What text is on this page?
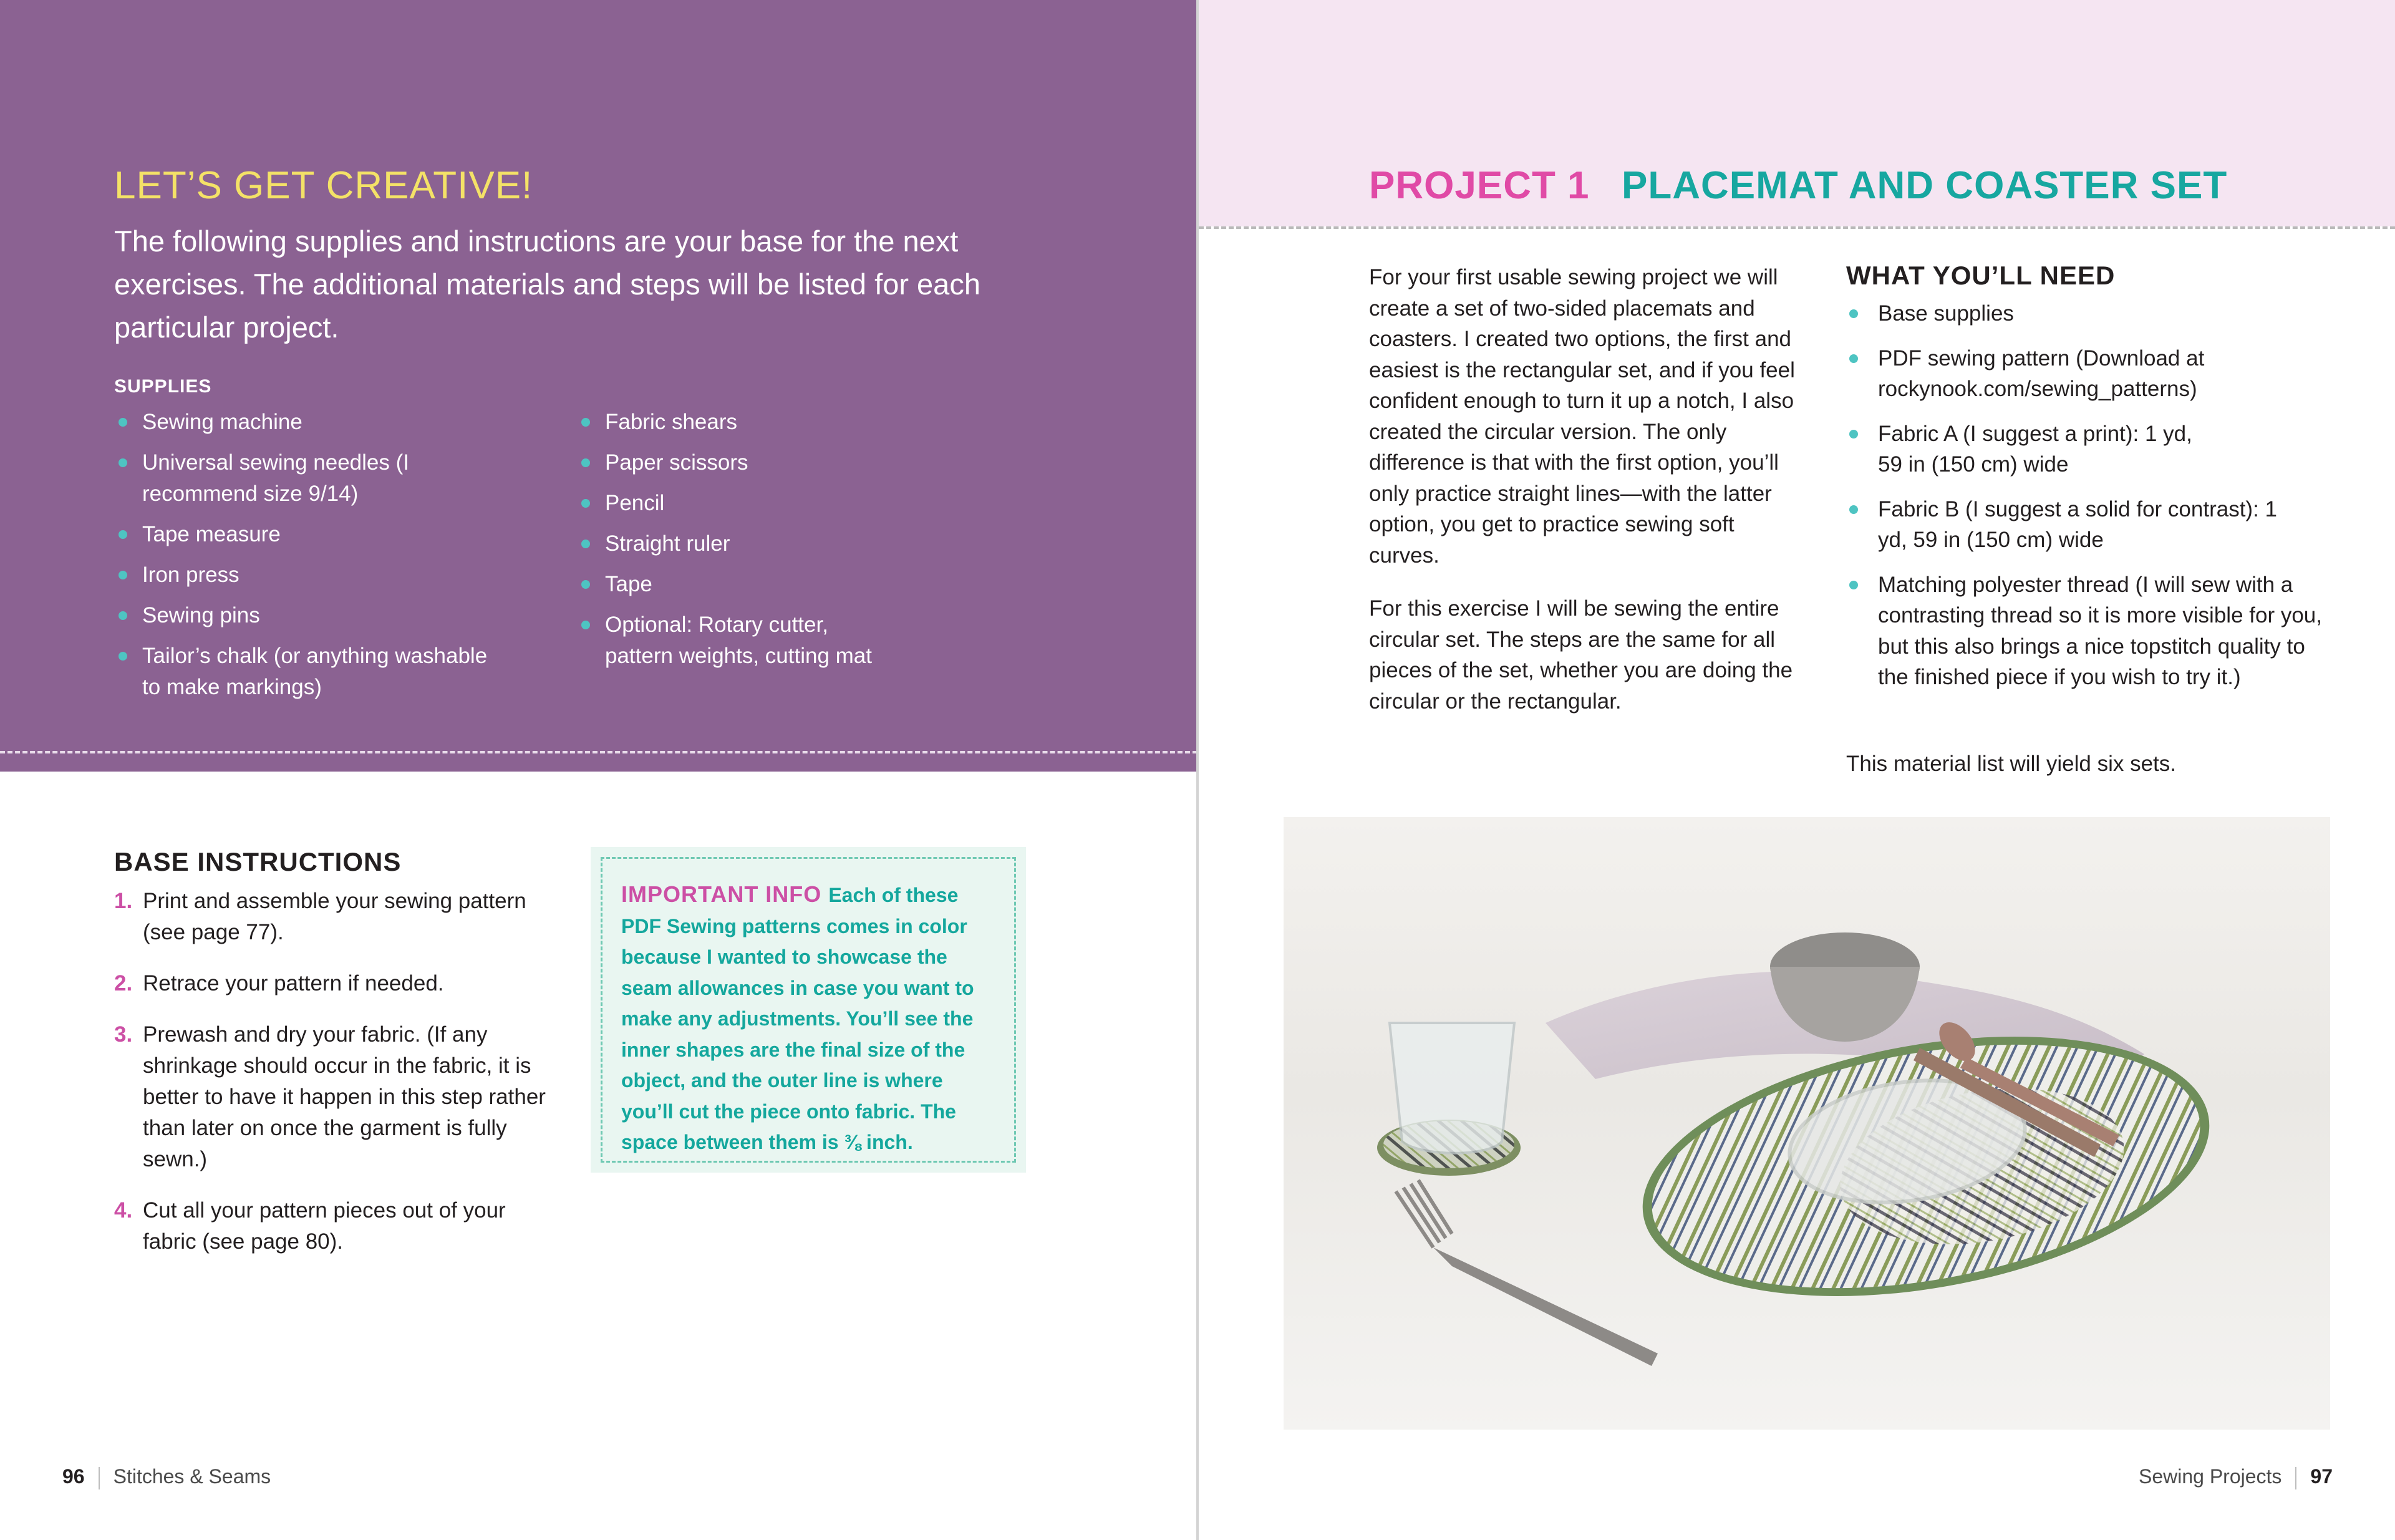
LET’S GET CREATIVE!

The following supplies and instructions are your base for the next exercises. The additional materials and steps will be listed for each particular project.

SUPPLIES
Sewing machine
Universal sewing needles (I recommend size 9/14)
Tape measure
Iron press
Sewing pins
Tailor’s chalk (or anything washable to make markings)
Fabric shears
Paper scissors
Pencil
Straight ruler
Tape
Optional: Rotary cutter, pattern weights, cutting mat
BASE INSTRUCTIONS
1. Print and assemble your sewing pattern (see page 77).
2. Retrace your pattern if needed.
3. Prewash and dry your fabric. (If any shrinkage should occur in the fabric, it is better to have it happen in this step rather than later on once the garment is fully sewn.)
4. Cut all your pattern pieces out of your fabric (see page 80).
IMPORTANT INFO Each of these PDF Sewing patterns comes in color because I wanted to showcase the seam allowances in case you want to make any adjustments. You’ll see the inner shapes are the final size of the object, and the outer line is where you’ll cut the piece onto fabric. The space between them is ⅜ inch.
96 Stitches & Seams
PROJECT 1 PLACEMAT AND COASTER SET

For your first usable sewing project we will create a set of two-sided placemats and coasters. I created two options, the first and easiest is the rectangular set, and if you feel confident enough to turn it up a notch, I also created the circular version. The only difference is that with the first option, you’ll only practice straight lines—with the latter option, you get to practice sewing soft curves.

For this exercise I will be sewing the entire circular set. The steps are the same for all pieces of the set, whether you are doing the circular or the rectangular.

WHAT YOU’LL NEED
Base supplies
PDF sewing pattern (Download at rockynook.com/sewing_patterns)
Fabric A (I suggest a print): 1 yd, 59 in (150 cm) wide
Fabric B (I suggest a solid for contrast): 1 yd, 59 in (150 cm) wide
Matching polyester thread (I will sew with a contrasting thread so it is more visible for you, but this also brings a nice topstitch quality to the finished piece if you wish to try it.)

This material list will yield six sets.

Sewing Projects 97
